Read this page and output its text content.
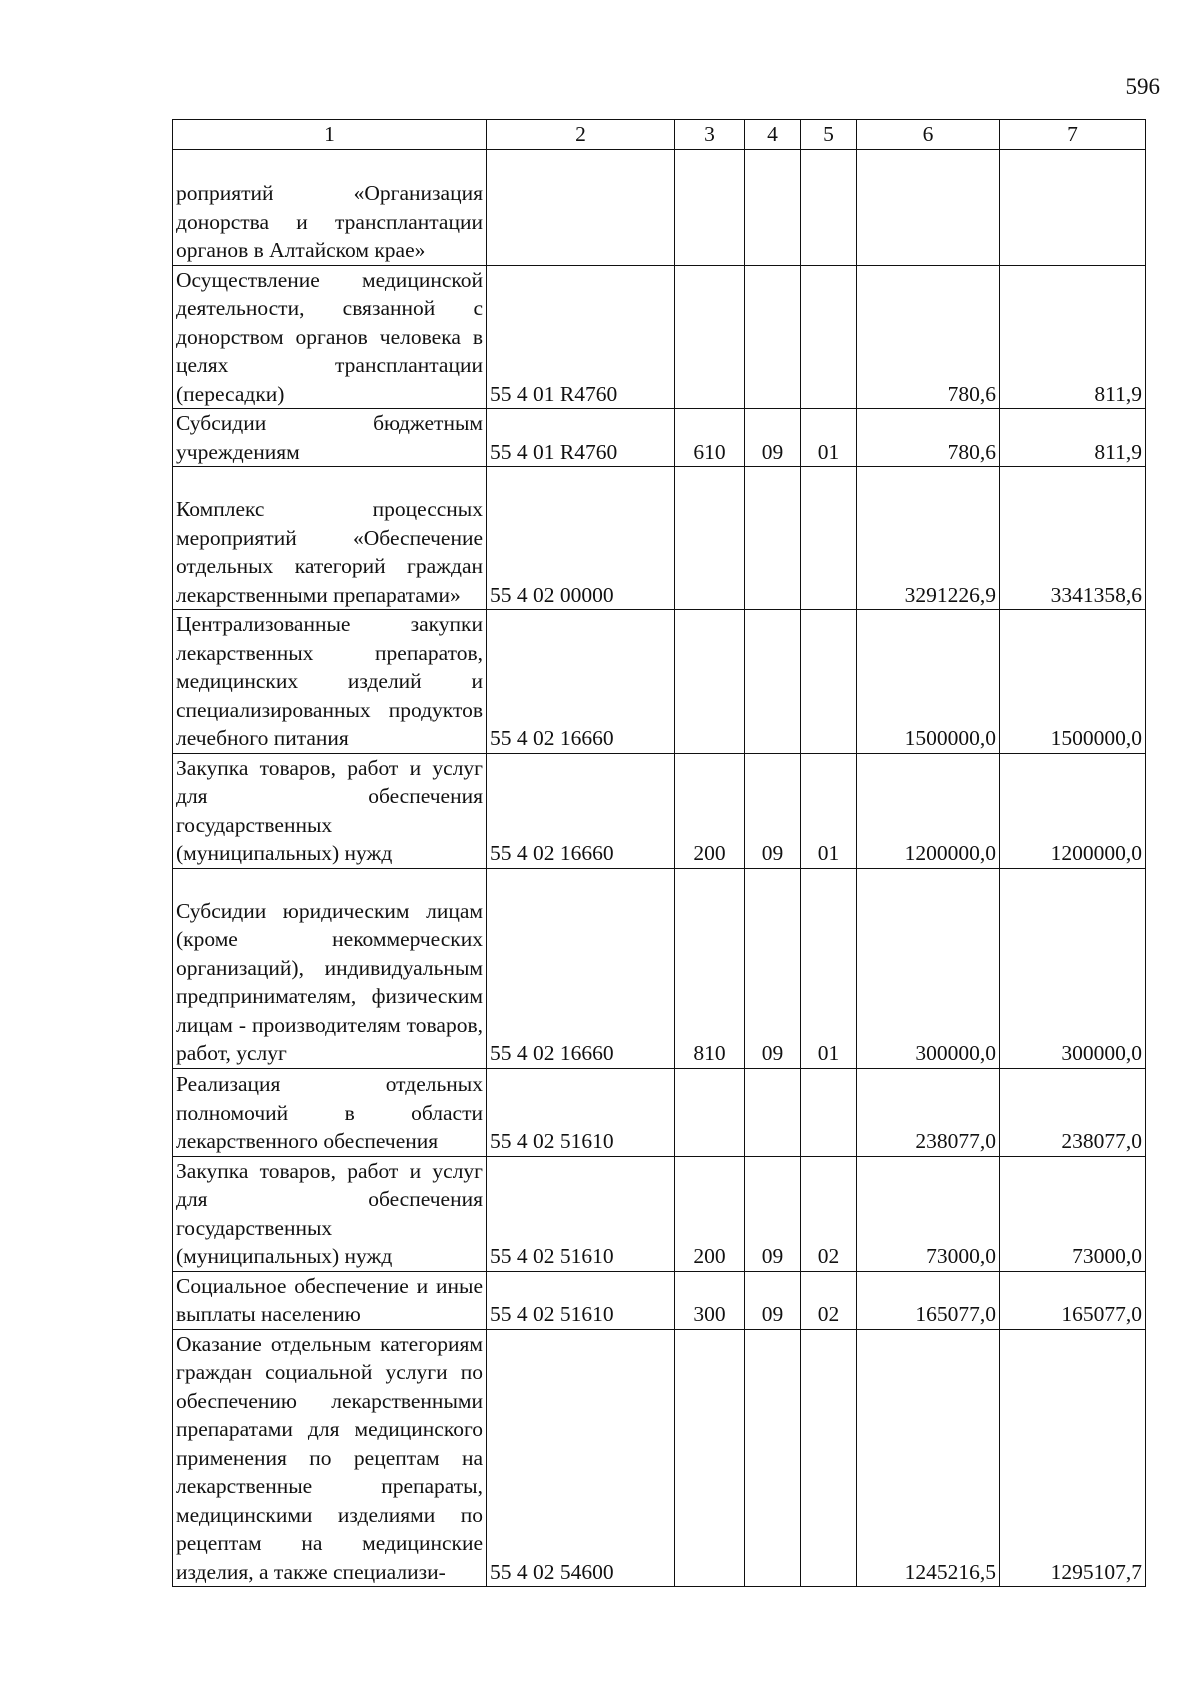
596
1	2	3	4	5	6	7
роприятий «Организация донорства и трансплантации органов в Алтайском крае»						
Осуществление медицинской деятельности, связанной с донорством органов человека в целях трансплантации (пересадки)	55 4 01 R4760				780,6	811,9
Субсидии бюджетным учреждениям	55 4 01 R4760	610	09	01	780,6	811,9
Комплекс процессных мероприятий «Обеспечение отдельных категорий граждан лекарственными препаратами»	55 4 02 00000				3291226,9	3341358,6
Централизованные закупки лекарственных препаратов, медицинских изделий и специализированных продуктов лечебного питания	55 4 02 16660				1500000,0	1500000,0
Закупка товаров, работ и услуг для обеспечения государственных (муниципальных) нужд	55 4 02 16660	200	09	01	1200000,0	1200000,0
Субсидии юридическим лицам (кроме некоммерческих организаций), индивидуальным предпринимателям, физическим лицам - производителям товаров, работ, услуг	55 4 02 16660	810	09	01	300000,0	300000,0
Реализация отдельных полномочий в области лекарственного обеспечения	55 4 02 51610				238077,0	238077,0
Закупка товаров, работ и услуг для обеспечения государственных (муниципальных) нужд	55 4 02 51610	200	09	02	73000,0	73000,0
Социальное обеспечение и иные выплаты населению	55 4 02 51610	300	09	02	165077,0	165077,0
Оказание отдельным категориям граждан социальной услуги по обеспечению лекарственными препаратами для медицинского применения по рецептам на лекарственные препараты, медицинскими изделиями по рецептам на медицинские изделия, а также специализи-	55 4 02 54600				1245216,5	1295107,7
